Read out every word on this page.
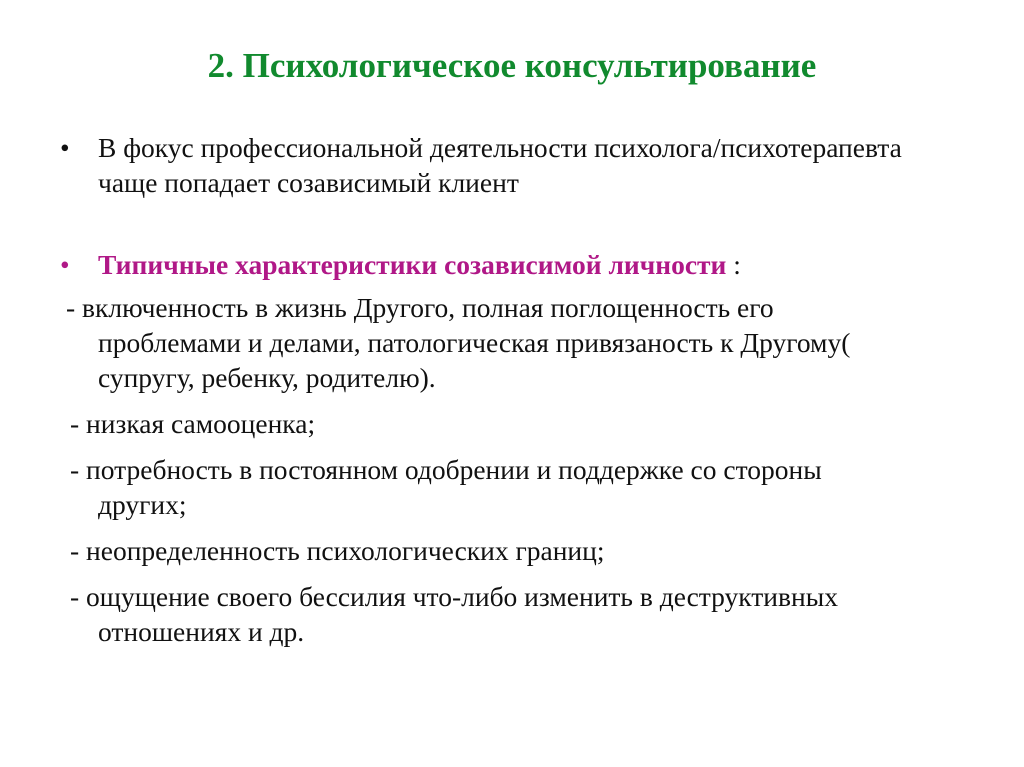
2. Психологическое консультирование

• В фокус профессиональной деятельности психолога/психотерапевта чаще попадает созависимый клиент

• Типичные характеристики созависимой личности :

- включенность в жизнь Другого, полная поглощенность его проблемами и делами, патологическая привязаность к Другому( супругу, ребенку, родителю).

- низкая самооценка;

- потребность в постоянном одобрении и поддержке со стороны других;

- неопределенность психологических границ;

- ощущение своего бессилия что-либо изменить в деструктивных отношениях и др.
